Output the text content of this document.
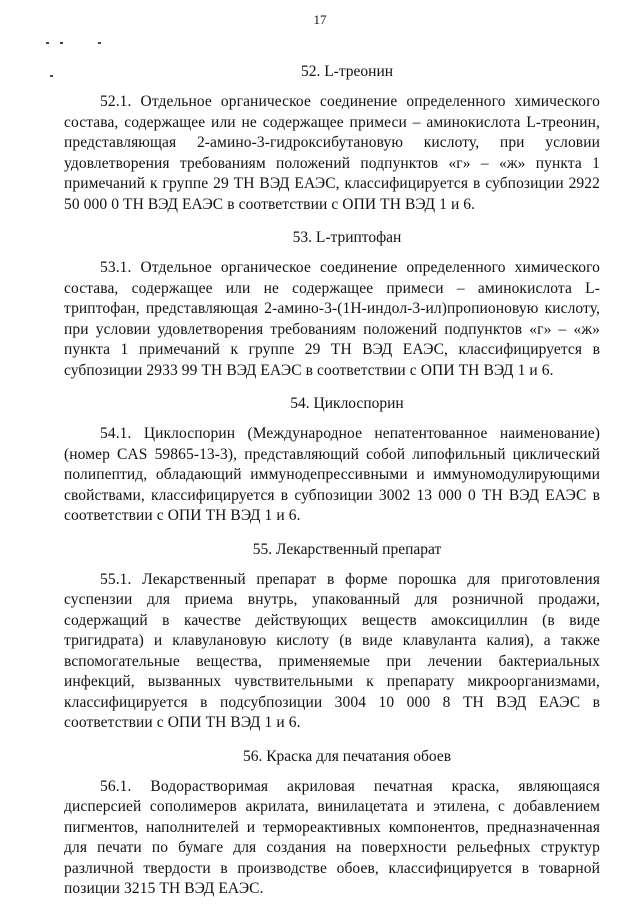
17
52. L-треонин

52.1. Отдельное органическое соединение определенного химического состава, содержащее или не содержащее примеси – аминокислота L-треонин, представляющая 2-амино-3-гидроксибутановую кислоту, при условии удовлетворения требованиям положений подпунктов «г» – «ж» пункта 1 примечаний к группе 29 ТН ВЭД ЕАЭС, классифицируется в субпозиции 2922 50 000 0 ТН ВЭД ЕАЭС в соответствии с ОПИ ТН ВЭД 1 и 6.

53. L-триптофан

53.1. Отдельное органическое соединение определенного химического состава, содержащее или не содержащее примеси – аминокислота L-триптофан, представляющая 2-амино-3-(1Н-индол-3-ил)пропионовую кислоту, при условии удовлетворения требованиям положений подпунктов «г» – «ж» пункта 1 примечаний к группе 29 ТН ВЭД ЕАЭС, классифицируется в субпозиции 2933 99 ТН ВЭД ЕАЭС в соответствии с ОПИ ТН ВЭД 1 и 6.

54. Циклоспорин

54.1. Циклоспорин (Международное непатентованное наименование) (номер CAS 59865-13-3), представляющий собой липофильный циклический полипептид, обладающий иммунодепрессивными и иммуномодулирующими свойствами, классифицируется в субпозиции 3002 13 000 0 ТН ВЭД ЕАЭС в соответствии с ОПИ ТН ВЭД 1 и 6.

55. Лекарственный препарат

55.1. Лекарственный препарат в форме порошка для приготовления суспензии для приема внутрь, упакованный для розничной продажи, содержащий в качестве действующих веществ амоксициллин (в виде тригидрата) и клавулановую кислоту (в виде клавуланта калия), а также вспомогательные вещества, применяемые при лечении бактериальных инфекций, вызванных чувствительными к препарату микроорганизмами, классифицируется в подсубпозиции 3004 10 000 8 ТН ВЭД ЕАЭС в соответствии с ОПИ ТН ВЭД 1 и 6.

56. Краска для печатания обоев

56.1. Водорастворимая акриловая печатная краска, являющаяся дисперсией сополимеров акрилата, винилацетата и этилена, с добавлением пигментов, наполнителей и термореактивных компонентов, предназначенная для печати по бумаге для создания на поверхности рельефных структур различной твердости в производстве обоев, классифицируется в товарной позиции 3215 ТН ВЭД ЕАЭС.
